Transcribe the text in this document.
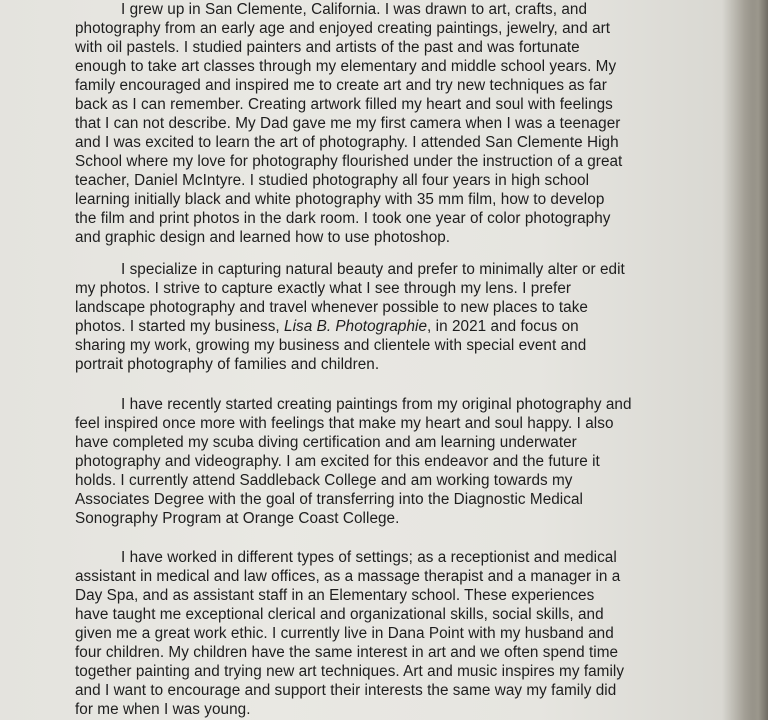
I grew up in San Clemente, California. I was drawn to art, crafts, and
photography from an early age and enjoyed creating paintings, jewelry, and art
with oil pastels. I studied painters and artists of the past and was fortunate
enough to take art classes through my elementary and middle school years. My
family encouraged and inspired me to create art and try new techniques as far
back as I can remember. Creating artwork filled my heart and soul with feelings
that I can not describe. My Dad gave me my first camera when I was a teenager
and I was excited to learn the art of photography. I attended San Clemente High
School where my love for photography flourished under the instruction of a great
teacher, Daniel McIntyre. I studied photography all four years in high school
learning initially black and white photography with 35 mm film, how to develop
the film and print photos in the dark room. I took one year of color photography
and graphic design and learned how to use photoshop.

I specialize in capturing natural beauty and prefer to minimally alter or edit
my photos. I strive to capture exactly what I see through my lens. I prefer
landscape photography and travel whenever possible to new places to take
photos. I started my business, Lisa B. Photographie, in 2021 and focus on
sharing my work, growing my business and clientele with special event and
portrait photography of families and children.

I have recently started creating paintings from my original photography and
feel inspired once more with feelings that make my heart and soul happy. I also
have completed my scuba diving certification and am learning underwater
photography and videography. I am excited for this endeavor and the future it
holds. I currently attend Saddleback College and am working towards my
Associates Degree with the goal of transferring into the Diagnostic Medical
Sonography Program at Orange Coast College.

I have worked in different types of settings; as a receptionist and medical
assistant in medical and law offices, as a massage therapist and a manager in a
Day Spa, and as assistant staff in an Elementary school. These experiences
have taught me exceptional clerical and organizational skills, social skills, and
given me a great work ethic. I currently live in Dana Point with my husband and
four children. My children have the same interest in art and we often spend time
together painting and trying new art techniques. Art and music inspires my family
and I want to encourage and support their interests the same way my family did
for me when I was young.
